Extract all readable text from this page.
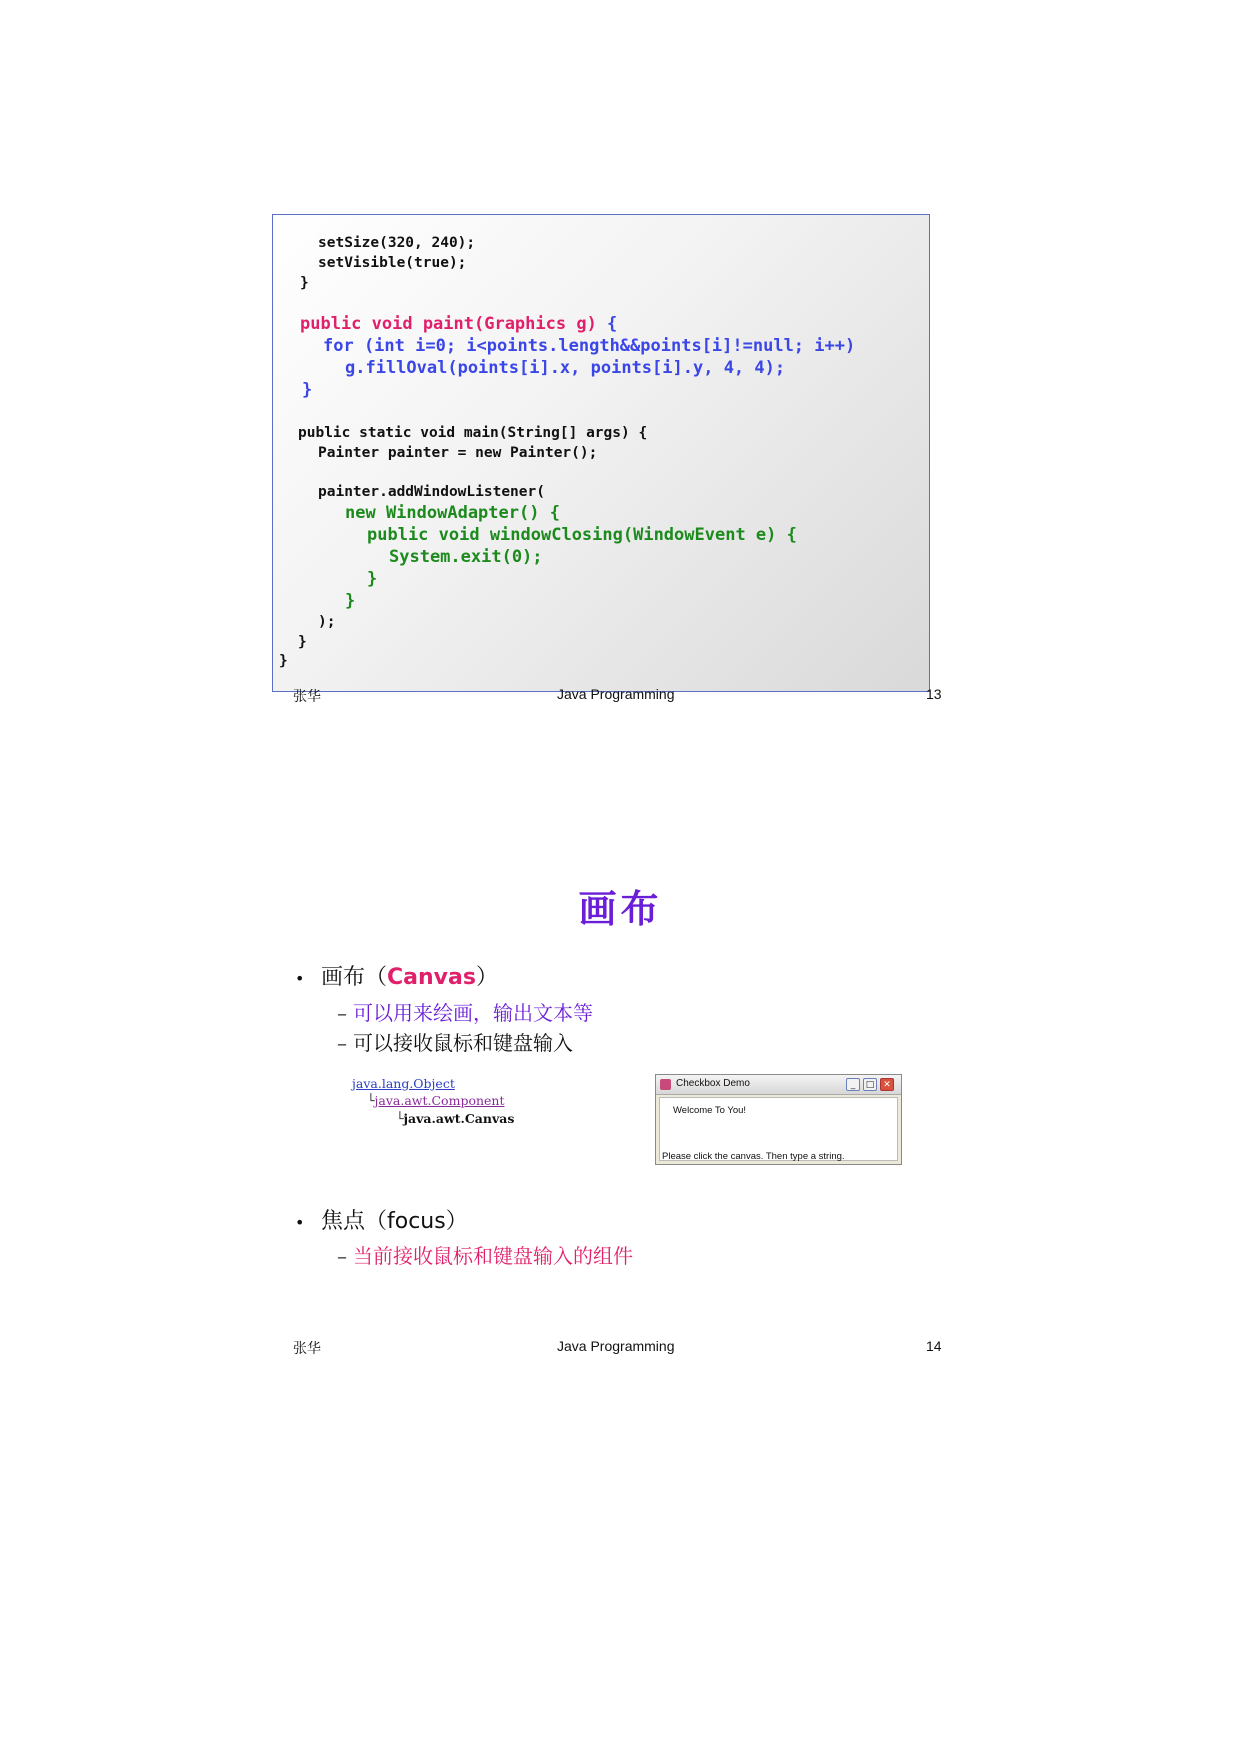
setSize(320, 240);
setVisible(true);
}
public void paint(Graphics g) {
for (int i=0; i<points.length&&points[i]!=null; i++)
g.fillOval(points[i].x, points[i].y, 4, 4);
}
public static void main(String[] args) {
Painter painter = new Painter();
painter.addWindowListener(
new WindowAdapter() {
public void windowClosing(WindowEvent e) {
System.exit(0);
}
}
);
}
}
张华	Java Programming	13
画布
• 画布（Canvas）
– 可以用来绘画，输出文本等
– 可以接收鼠标和键盘输入
java.lang.Object
└java.awt.Component
└java.awt.Canvas
Checkbox Demo	_	□ ✕
Welcome To You!
Please click the canvas. Then type a string.
• 焦点（focus）
– 当前接收鼠标和键盘输入的组件
张华	Java Programming	14
